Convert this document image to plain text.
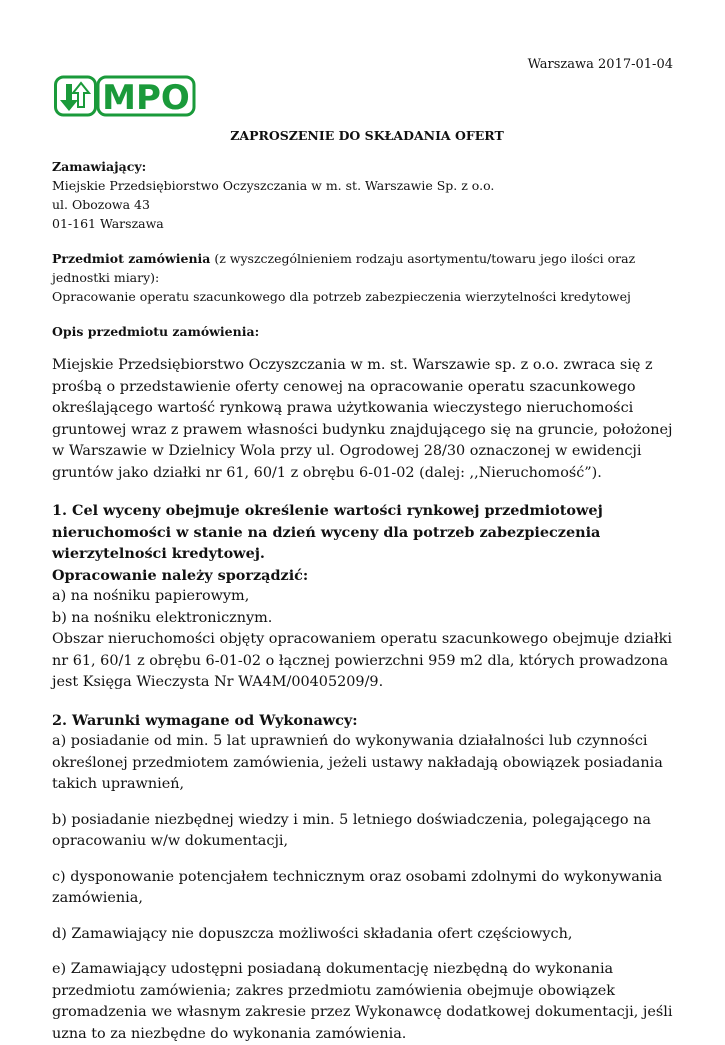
Warszawa 2017-01-04
MPO
ZAPROSZENIE DO SKŁADANIA OFERT
Zamawiający:
Miejskie Przedsiębiorstwo Oczyszczania w m. st. Warszawie Sp. z o.o.
ul. Obozowa 43
01-161 Warszawa
Przedmiot zamówienia (z wyszczególnieniem rodzaju asortymentu/towaru jego ilości oraz jednostki miary):
Opracowanie operatu szacunkowego dla potrzeb zabezpieczenia wierzytelności kredytowej
Opis przedmiotu zamówienia:
Miejskie Przedsiębiorstwo Oczyszczania w m. st. Warszawie sp. z o.o. zwraca się z prośbą o przedstawienie oferty cenowej na opracowanie operatu szacunkowego określającego wartość rynkową prawa użytkowania wieczystego nieruchomości gruntowej wraz z prawem własności budynku znajdującego się na gruncie, położonej w Warszawie w Dzielnicy Wola przy ul. Ogrodowej 28/30 oznaczonej w ewidencji gruntów jako działki nr 61, 60/1 z obrębu 6-01-02 (dalej: ,,Nieruchomość”).
1. Cel wyceny obejmuje określenie wartości rynkowej przedmiotowej nieruchomości w stanie na dzień wyceny dla potrzeb zabezpieczenia wierzytelności kredytowej.
Opracowanie należy sporządzić:
a) na nośniku papierowym,
b) na nośniku elektronicznym.
Obszar nieruchomości objęty opracowaniem operatu szacunkowego obejmuje działki nr 61, 60/1 z obrębu 6-01-02 o łącznej powierzchni 959 m2 dla, których prowadzona jest Księga Wieczysta Nr WA4M/00405209/9.
2. Warunki wymagane od Wykonawcy:
a) posiadanie od min. 5 lat uprawnień do wykonywania działalności lub czynności określonej przedmiotem zamówienia, jeżeli ustawy nakładają obowiązek posiadania takich uprawnień,
b) posiadanie niezbędnej wiedzy i min. 5 letniego doświadczenia, polegającego na opracowaniu w/w dokumentacji,
c) dysponowanie potencjałem technicznym oraz osobami zdolnymi do wykonywania zamówienia,
d) Zamawiający nie dopuszcza możliwości składania ofert częściowych,
e) Zamawiający udostępni posiadaną dokumentację niezbędną do wykonania przedmiotu zamówienia; zakres przedmiotu zamówienia obejmuje obowiązek gromadzenia we własnym zakresie przez Wykonawcę dodatkowej dokumentacji, jeśli uzna to za niezbędne do wykonania zamówienia.
